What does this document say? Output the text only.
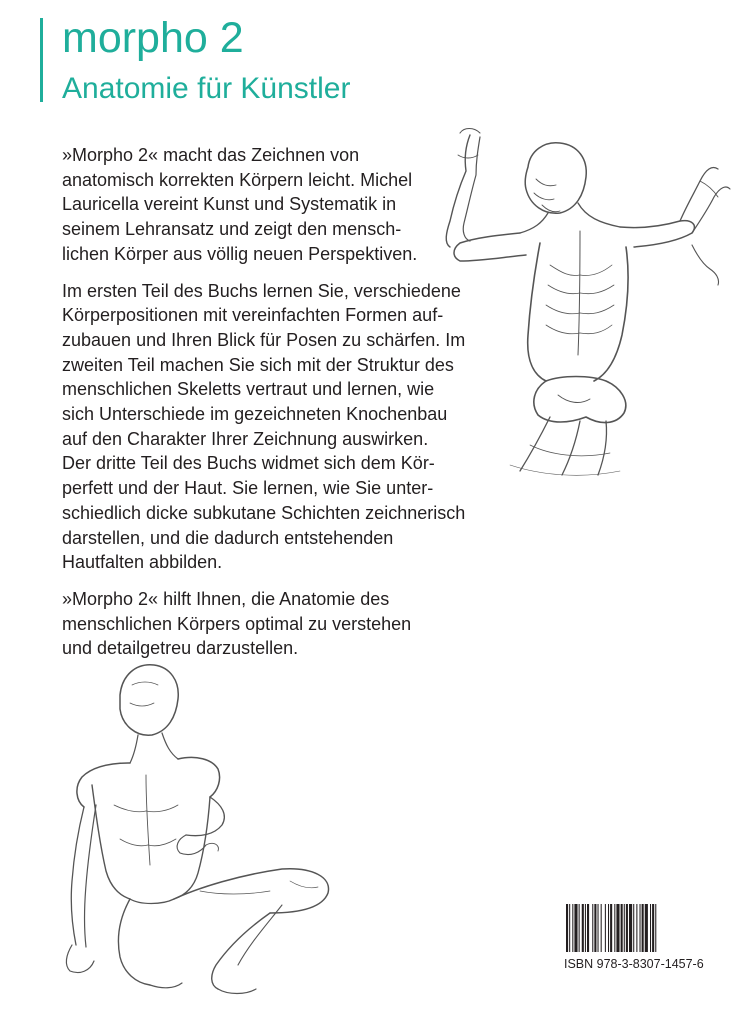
morpho 2
Anatomie für Künstler

»Morpho 2« macht das Zeichnen von
anatomisch korrekten Körpern leicht. Michel
Lauricella vereint Kunst und Systematik in
seinem Lehransatz und zeigt den mensch-
lichen Körper aus völlig neuen Perspektiven.

Im ersten Teil des Buchs lernen Sie, verschiedene
Körperpositionen mit vereinfachten Formen auf-
zubauen und Ihren Blick für Posen zu schärfen. Im
zweiten Teil machen Sie sich mit der Struktur des
menschlichen Skeletts vertraut und lernen, wie
sich Unterschiede im gezeichneten Knochenbau
auf den Charakter Ihrer Zeichnung auswirken.
Der dritte Teil des Buchs widmet sich dem Kör-
perfett und der Haut. Sie lernen, wie Sie unter-
schiedlich dicke subkutane Schichten zeichnerisch
darstellen, und die dadurch entstehenden
Hautfalten abbilden.

»Morpho 2« hilft Ihnen, die Anatomie des
menschlichen Körpers optimal zu verstehen
und detailgetreu darzustellen.

ISBN 978-3-8307-1457-6
